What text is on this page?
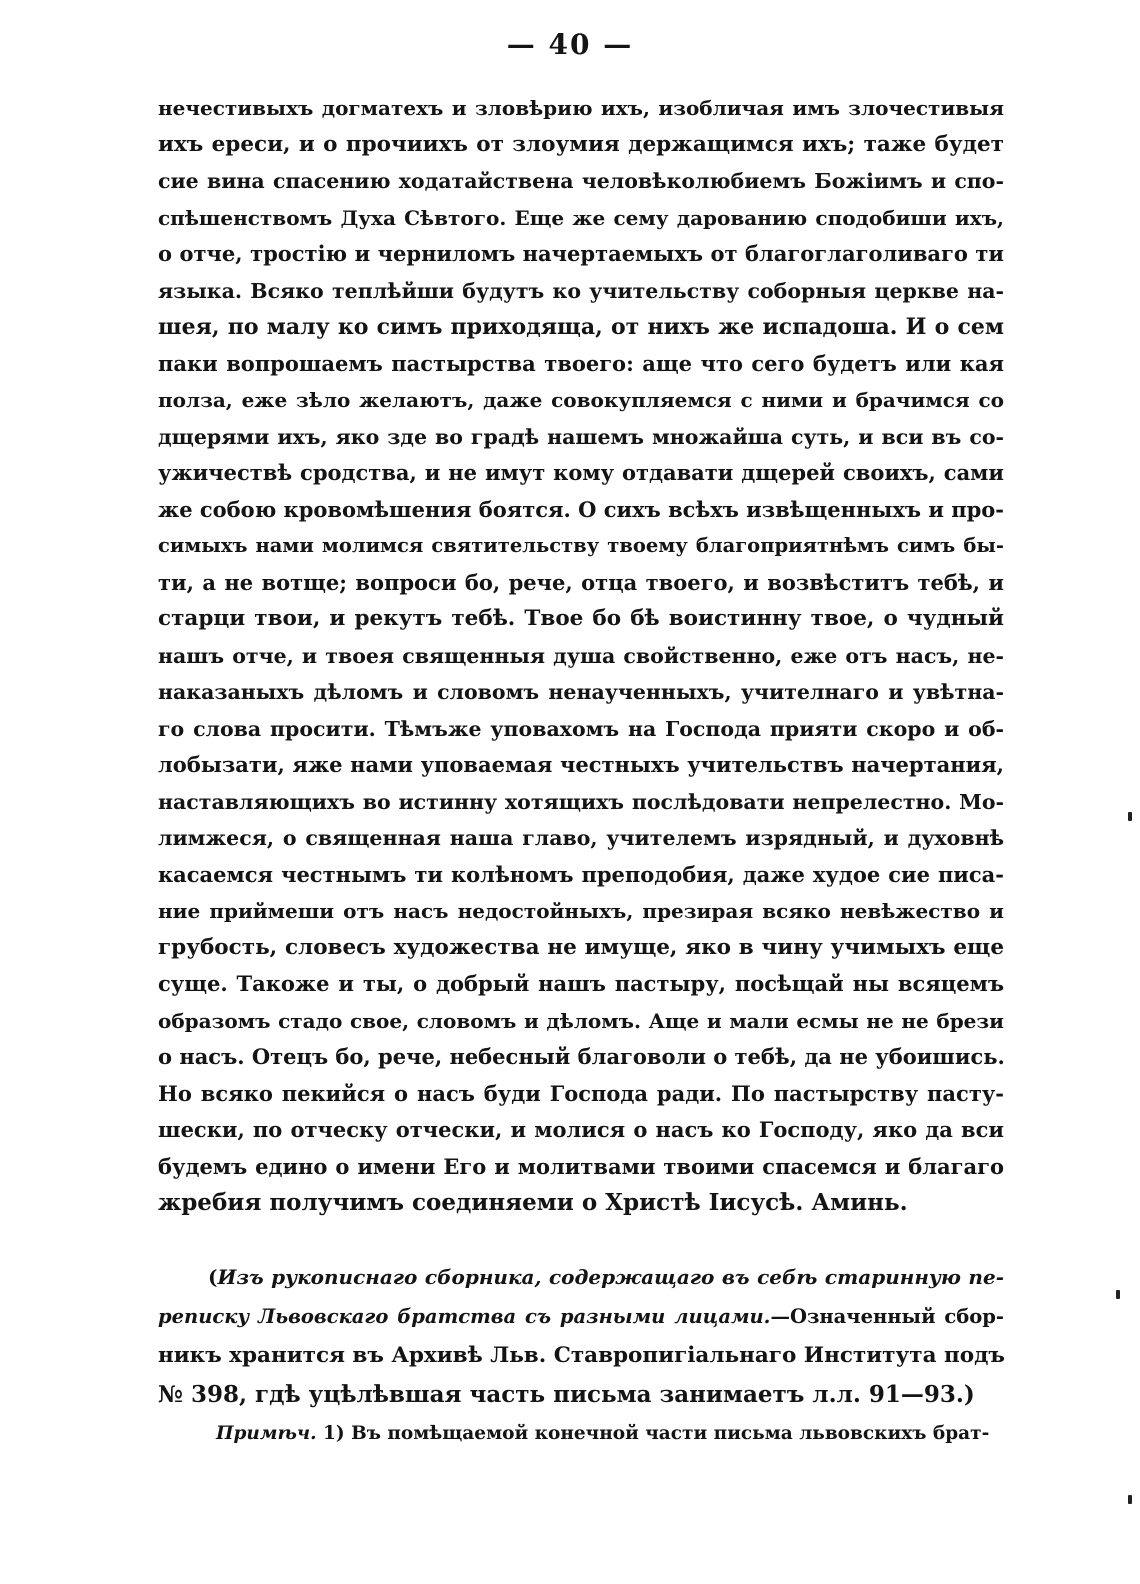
— 40 —
нечестивыхъ догматехъ и зловѣрию ихъ, изобличая имъ злочестивыя
ихъ ереси, и о прочиихъ от злоумия держащимся ихъ; таже будет
сие вина спасению ходатайствена человѣколюбиемъ Божіимъ и спо-
спѣшенствомъ Духа Сѣвтого. Еще же сему дарованию сподобиши ихъ,
о отче, тростію и черниломъ начертаемыхъ от благоглаголиваго ти
языка. Всяко теплѣйши будутъ ко учительству соборныя церкве на-
шея, по малу ко симъ приходяща, от нихъ же испадоша. И о сем
паки вопрошаемъ пастырства твоего: аще что сего будетъ или кая
полза, еже зѣло желаютъ, даже совокупляемся с ними и брачимся со
дщерями ихъ, яко зде во градѣ нашемъ множайша суть, и вси въ со-
ужичествѣ сродства, и не имут кому отдавати дщерей своихъ, сами
же собою кровомѣшения боятся. О сихъ всѣхъ извѣщенныхъ и про-
симыхъ нами молимся святительству твоему благоприятнѣмъ симъ бы-
ти, а не вотще; вопроси бо, рече, отца твоего, и возвѣститъ тебѣ, и
старци твои, и рекутъ тебѣ. Твое бо бѣ воистинну твое, о чудный
нашъ отче, и твоея священныя душа свойственно, еже отъ насъ, не-
наказаныхъ дѣломъ и словомъ ненаученныхъ, учителнаго и увѣтна-
го слова просити. Тѣмъже уповахомъ на Господа прияти скоро и об-
лобызати, яже нами уповаемая честныхъ учительствъ начертания,
наставляющихъ во истинну хотящихъ послѣдовати непрелестно. Мо-
лимжеся, о священная наша главо, учителемъ изрядный, и духовнѣ
касаемся честнымъ ти колѣномъ преподобия, даже худое сие писа-
ние приймеши отъ насъ недостойныхъ, презирая всяко невѣжество и
грубость, словесъ художества не имуще, яко в чину учимыхъ еще
суще. Такоже и ты, о добрый нашъ пастыру, посѣщай ны всяцемъ
образомъ стадо свое, словомъ и дѣломъ. Аще и мали есмы не не брези
о насъ. Отецъ бо, рече, небесный благоволи о тебѣ, да не убоишись.
Но всяко пекийся о насъ буди Господа ради. По пастырству пасту-
шески, по отческу отчески, и молися о насъ ко Господу, яко да вси
будемъ едино о имени Его и молитвами твоими спасемся и благаго
жребия получимъ соединяеми о Христѣ Іисусѣ. Аминь.
(Изъ рукописнаго сборника, содержащаго въ себѣ старинную пе-
реписку Львовскаго братства съ разными лицами.—Означенный сбор-
никъ хранится въ Архивѣ Льв. Ставропигіальнаго Института подъ
№ 398, гдѣ уцѣлѣвшая часть письма занимаетъ л.л. 91—93.)
Примѣч. 1) Въ помѣщаемой конечной части письма львовскихъ брат-
